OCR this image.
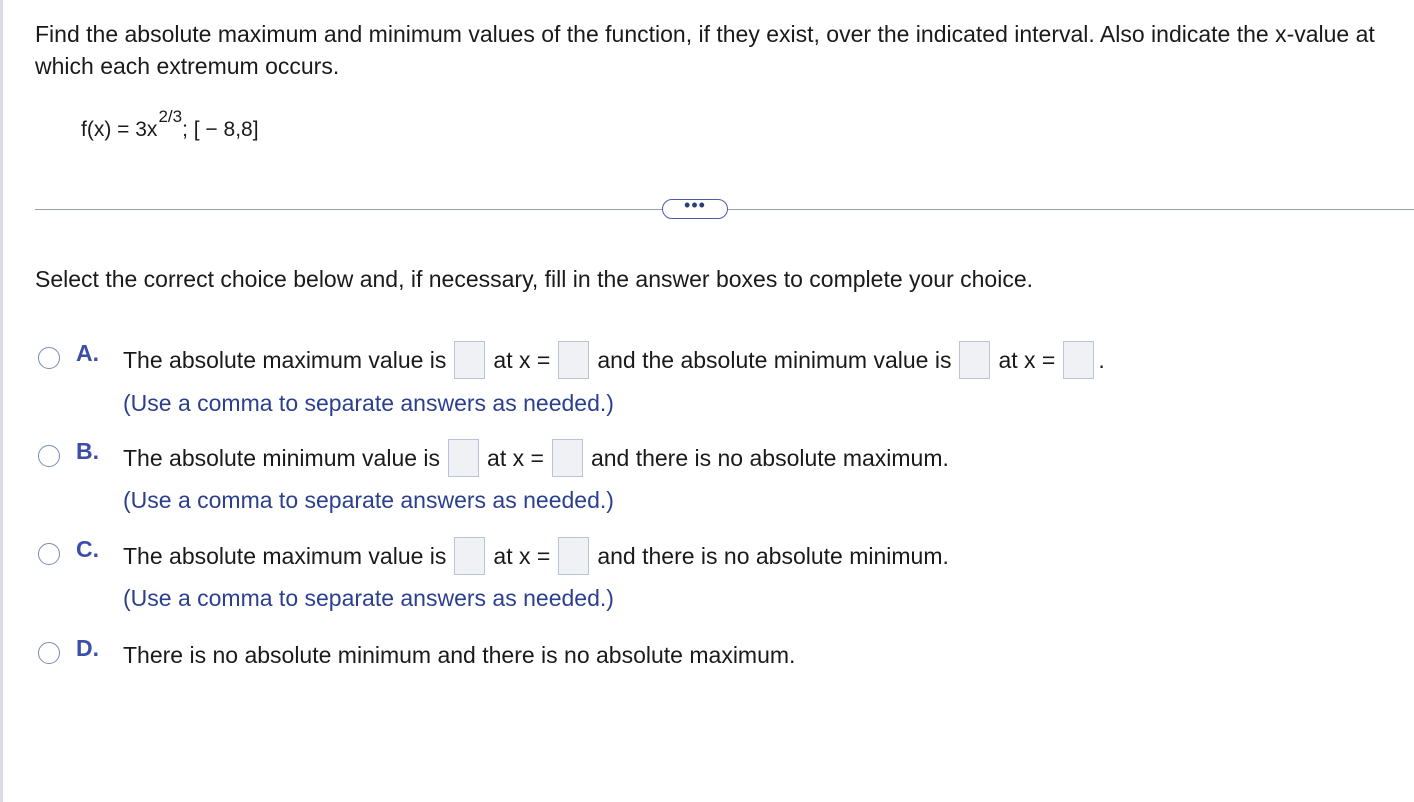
Find the absolute maximum and minimum values of the function, if they exist, over the indicated interval. Also indicate the x-value at which each extremum occurs.
$f(x) = 3x^{2/3}$; [ − 8,8]
•••
Select the correct choice below and, if necessary, fill in the answer boxes to complete your choice.
A. The absolute maximum value is at x = and the absolute minimum value is at x = .
(Use a comma to separate answers as needed.)
B. The absolute minimum value is at x = and there is no absolute maximum.
(Use a comma to separate answers as needed.)
C. The absolute maximum value is at x = and there is no absolute minimum.
(Use a comma to separate answers as needed.)
D. There is no absolute minimum and there is no absolute maximum.
